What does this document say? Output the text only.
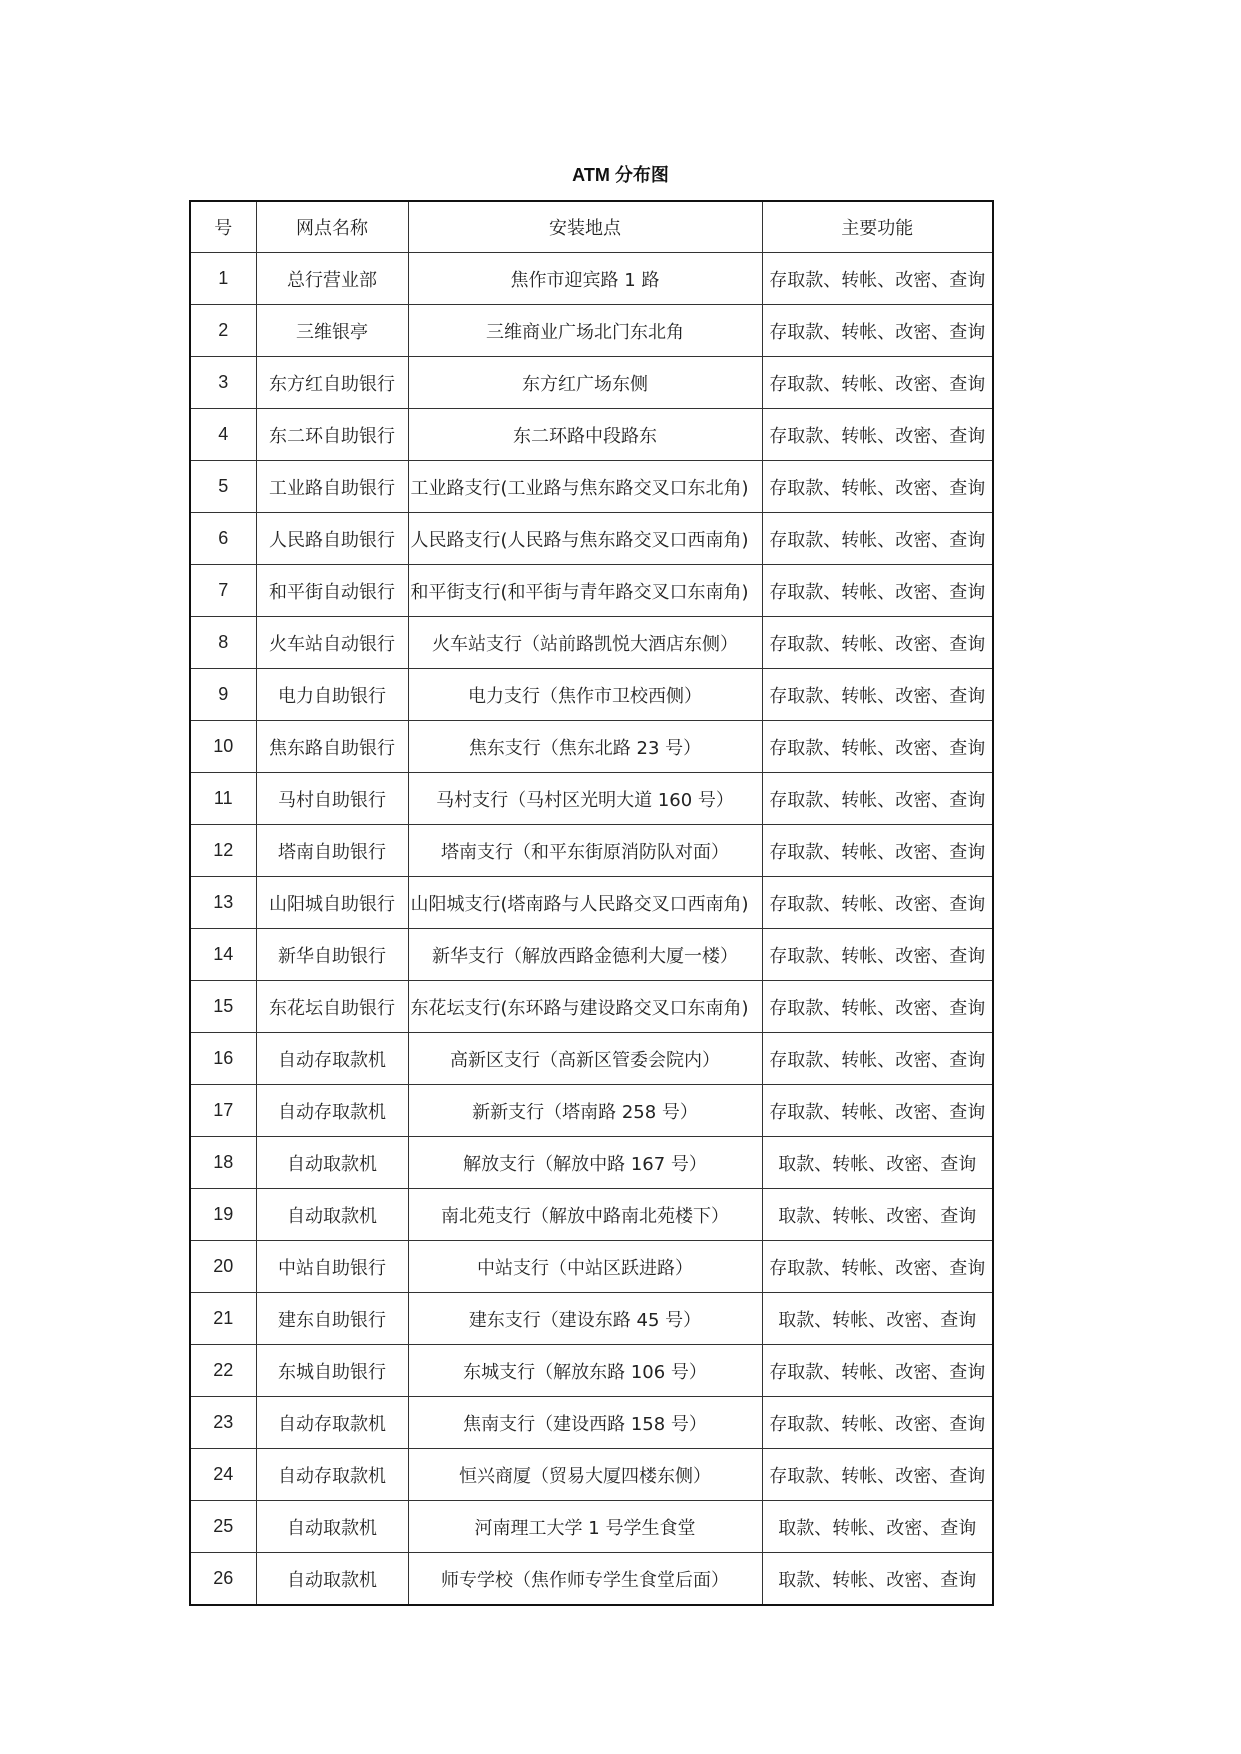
ATM 分布图
号	网点名称	安装地点	主要功能
1	总行营业部	焦作市迎宾路 1 路	存取款、转帐、改密、查询
2	三维银亭	三维商业广场北门东北角	存取款、转帐、改密、查询
3	东方红自助银行	东方红广场东侧	存取款、转帐、改密、查询
4	东二环自助银行	东二环路中段路东	存取款、转帐、改密、查询
5	工业路自助银行	工业路支行(工业路与焦东路交叉口东北角)	存取款、转帐、改密、查询
6	人民路自助银行	人民路支行(人民路与焦东路交叉口西南角)	存取款、转帐、改密、查询
7	和平街自动银行	和平街支行(和平街与青年路交叉口东南角)	存取款、转帐、改密、查询
8	火车站自动银行	火车站支行（站前路凯悦大酒店东侧）	存取款、转帐、改密、查询
9	电力自助银行	电力支行（焦作市卫校西侧）	存取款、转帐、改密、查询
10	焦东路自助银行	焦东支行（焦东北路 23 号）	存取款、转帐、改密、查询
11	马村自助银行	马村支行（马村区光明大道 160 号）	存取款、转帐、改密、查询
12	塔南自助银行	塔南支行（和平东街原消防队对面）	存取款、转帐、改密、查询
13	山阳城自助银行	山阳城支行(塔南路与人民路交叉口西南角)	存取款、转帐、改密、查询
14	新华自助银行	新华支行（解放西路金德利大厦一楼）	存取款、转帐、改密、查询
15	东花坛自助银行	东花坛支行(东环路与建设路交叉口东南角)	存取款、转帐、改密、查询
16	自动存取款机	高新区支行（高新区管委会院内）	存取款、转帐、改密、查询
17	自动存取款机	新新支行（塔南路 258 号）	存取款、转帐、改密、查询
18	自动取款机	解放支行（解放中路 167 号）	取款、转帐、改密、查询
19	自动取款机	南北苑支行（解放中路南北苑楼下）	取款、转帐、改密、查询
20	中站自助银行	中站支行（中站区跃进路）	存取款、转帐、改密、查询
21	建东自助银行	建东支行（建设东路 45 号）	取款、转帐、改密、查询
22	东城自助银行	东城支行（解放东路 106 号）	存取款、转帐、改密、查询
23	自动存取款机	焦南支行（建设西路 158 号）	存取款、转帐、改密、查询
24	自动存取款机	恒兴商厦（贸易大厦四楼东侧）	存取款、转帐、改密、查询
25	自动取款机	河南理工大学 1 号学生食堂	取款、转帐、改密、查询
26	自动取款机	师专学校（焦作师专学生食堂后面）	取款、转帐、改密、查询
